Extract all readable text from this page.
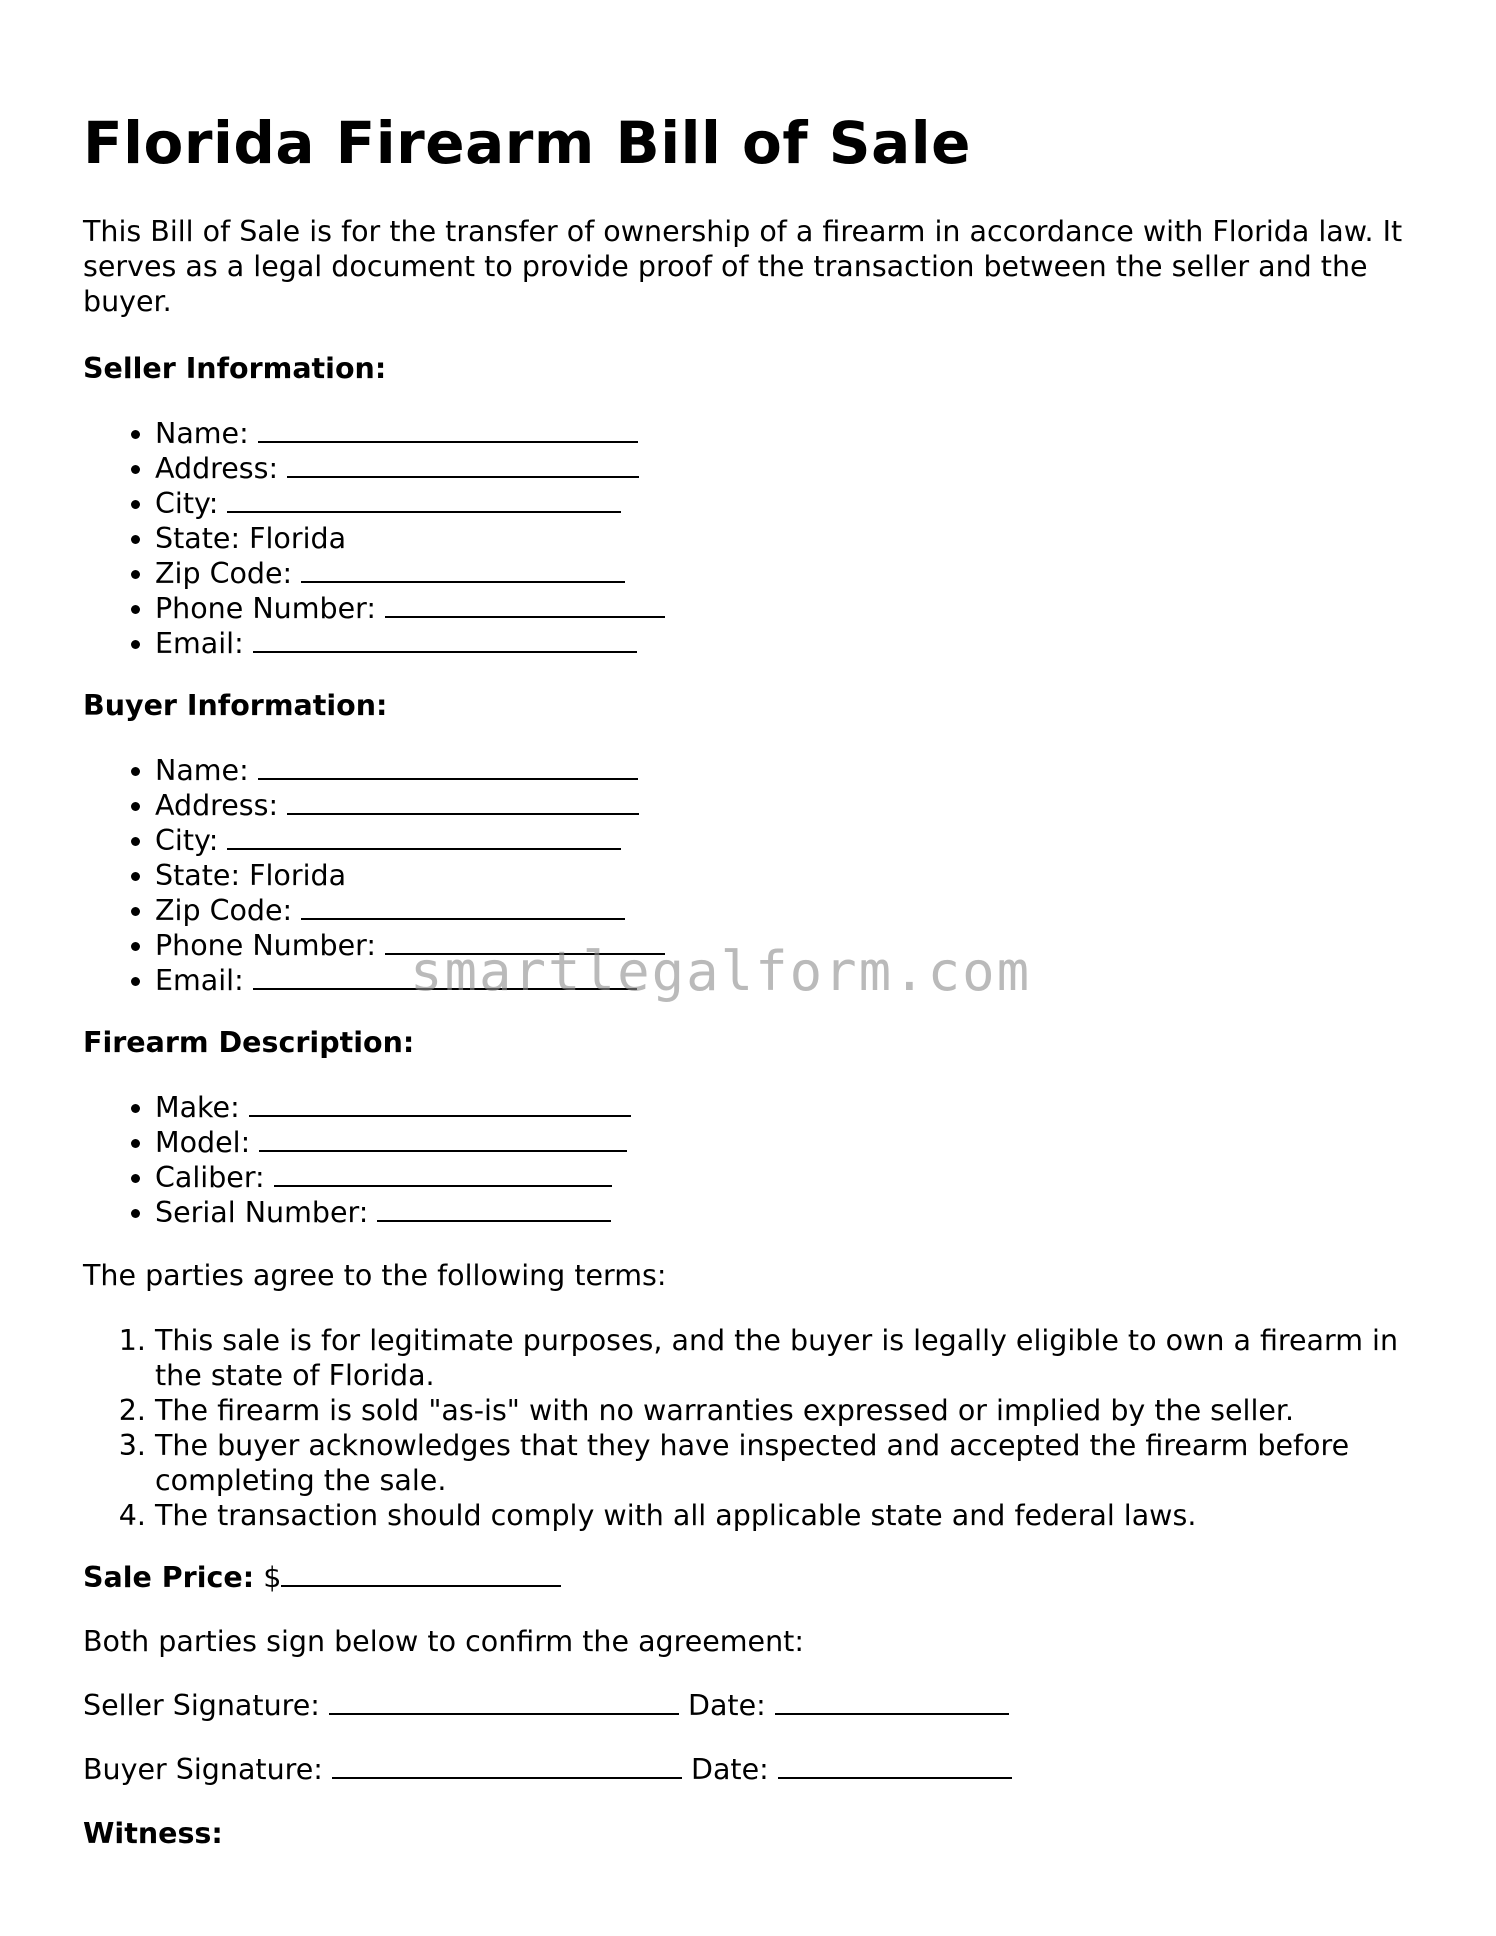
Florida Firearm Bill of Sale

This Bill of Sale is for the transfer of ownership of a firearm in accordance with Florida law. It serves as a legal document to provide proof of the transaction between the seller and the buyer.

Seller Information:

• Name:
• Address:
• City:
• State: Florida
• Zip Code:
• Phone Number:
• Email:

Buyer Information:

• Name:
• Address:
• City:
• State: Florida
• Zip Code:
• Phone Number:
• Email:

Firearm Description:

• Make:
• Model:
• Caliber:
• Serial Number:

The parties agree to the following terms:

1. This sale is for legitimate purposes, and the buyer is legally eligible to own a firearm in the state of Florida.
2. The firearm is sold "as-is" with no warranties expressed or implied by the seller.
3. The buyer acknowledges that they have inspected and accepted the firearm before completing the sale.
4. The transaction should comply with all applicable state and federal laws.

Sale Price: $

Both parties sign below to confirm the agreement:

Seller Signature:	Date:

Buyer Signature:	Date:

Witness:

smartlegalform.com
